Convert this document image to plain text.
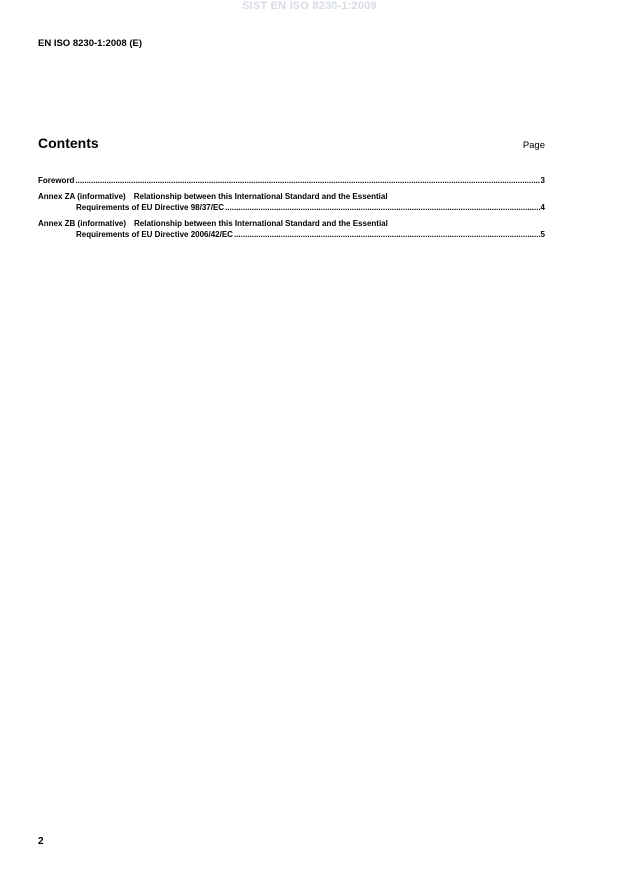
SIST EN ISO 8230-1:2009
EN ISO 8230-1:2008 (E)
Contents	Page
Foreword .....	3
Annex ZA (informative) Relationship between this International Standard and the Essential
Requirements of EU Directive 98/37/EC .....	4
Annex ZB (informative) Relationship between this International Standard and the Essential
Requirements of EU Directive 2006/42/EC .....	5
2
